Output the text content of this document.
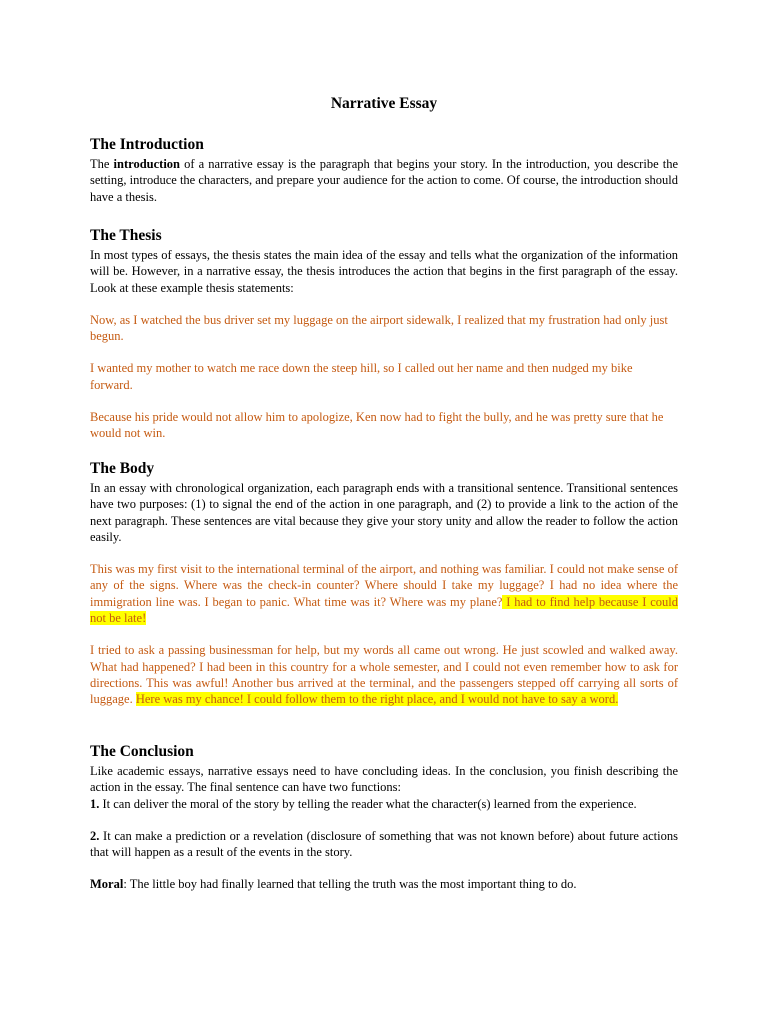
Narrative Essay
The Introduction

The introduction of a narrative essay is the paragraph that begins your story. In the introduction, you describe the setting, introduce the characters, and prepare your audience for the action to come. Of course, the introduction should have a thesis.

The Thesis

In most types of essays, the thesis states the main idea of the essay and tells what the organization of the information will be. However, in a narrative essay, the thesis introduces the action that begins in the first paragraph of the essay. Look at these example thesis statements:

Now, as I watched the bus driver set my luggage on the airport sidewalk, I realized that my frustration had only just begun.

I wanted my mother to watch me race down the steep hill, so I called out her name and then nudged my bike forward.

Because his pride would not allow him to apologize, Ken now had to fight the bully, and he was pretty sure that he would not win.

The Body

In an essay with chronological organization, each paragraph ends with a transitional sentence. Transitional sentences have two purposes: (1) to signal the end of the action in one paragraph, and (2) to provide a link to the action of the next paragraph. These sentences are vital because they give your story unity and allow the reader to follow the action easily.

This was my first visit to the international terminal of the airport, and nothing was familiar. I could not make sense of any of the signs. Where was the check-in counter? Where should I take my luggage? I had no idea where the immigration line was. I began to panic. What time was it? Where was my plane? I had to find help because I could not be late!

I tried to ask a passing businessman for help, but my words all came out wrong. He just scowled and walked away. What had happened? I had been in this country for a whole semester, and I could not even remember how to ask for directions. This was awful! Another bus arrived at the terminal, and the passengers stepped off carrying all sorts of luggage. Here was my chance! I could follow them to the right place, and I would not have to say a word.

The Conclusion

Like academic essays, narrative essays need to have concluding ideas. In the conclusion, you finish describing the action in the essay. The final sentence can have two functions:

1. It can deliver the moral of the story by telling the reader what the character(s) learned from the experience.

2. It can make a prediction or a revelation (disclosure of something that was not known before) about future actions that will happen as a result of the events in the story.

Moral: The little boy had finally learned that telling the truth was the most important thing to do.
